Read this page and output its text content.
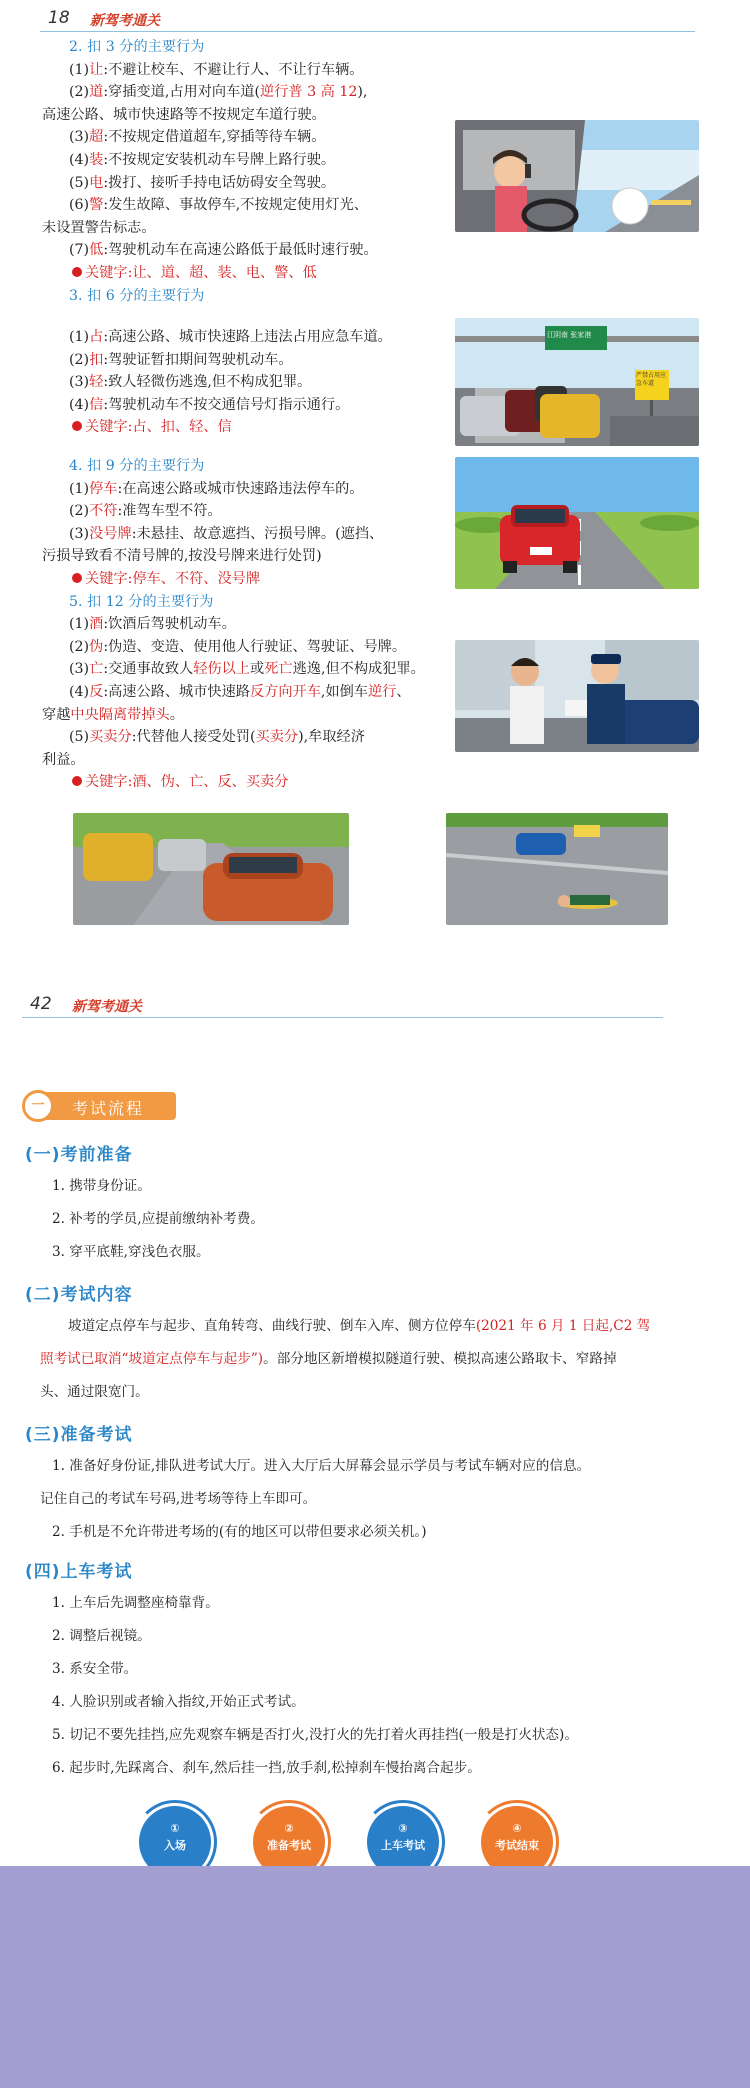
18 新驾考通关
2. 扣 3 分的主要行为
(1)让:不避让校车、不避让行人、不让行车辆。
(2)道:穿插变道,占用对向车道(逆行普 3 高 12),
高速公路、城市快速路等不按规定车道行驶。
(3)超:不按规定借道超车,穿插等待车辆。
(4)装:不按规定安装机动车号牌上路行驶。
(5)电:拨打、接听手持电话妨碍安全驾驶。
(6)警:发生故障、事故停车,不按规定使用灯光、
未设置警告标志。
(7)低:驾驶机动车在高速公路低于最低时速行驶。
关键字:让、道、超、装、电、警、低
3. 扣 6 分的主要行为
(1)占:高速公路、城市快速路上违法占用应急车道。
(2)扣:驾驶证暂扣期间驾驶机动车。
(3)轻:致人轻微伤逃逸,但不构成犯罪。
(4)信:驾驶机动车不按交通信号灯指示通行。
关键字:占、扣、轻、信
4. 扣 9 分的主要行为
(1)停车:在高速公路或城市快速路违法停车的。
(2)不符:准驾车型不符。
(3)没号牌:未悬挂、故意遮挡、污损号牌。(遮挡、
污损导致看不清号牌的,按没号牌来进行处罚)
关键字:停车、不符、没号牌
5. 扣 12 分的主要行为
(1)酒:饮酒后驾驶机动车。
(2)伪:伪造、变造、使用他人行驶证、驾驶证、号牌。
(3)亡:交通事故致人轻伤以上或死亡逃逸,但不构成犯罪。
(4)反:高速公路、城市快速路反方向开车,如倒车逆行、
穿越中央隔离带掉头。
(5)买卖分:代替他人接受处罚(买卖分),牟取经济
利益。
关键字:酒、伪、亡、反、买卖分
江阴南 张家港
严禁占用应急车道
42 新驾考通关
一	考试流程
(一)考前准备
1. 携带身份证。
2. 补考的学员,应提前缴纳补考费。
3. 穿平底鞋,穿浅色衣服。
(二)考试内容
坡道定点停车与起步、直角转弯、曲线行驶、倒车入库、侧方位停车(2021 年 6 月 1 日起,C2 驾
照考试已取消“坡道定点停车与起步”)。部分地区新增模拟隧道行驶、模拟高速公路取卡、窄路掉
头、通过限宽门。
(三)准备考试
1. 准备好身份证,排队进考试大厅。进入大厅后大屏幕会显示学员与考试车辆对应的信息。
记住自己的考试车号码,进考场等待上车即可。
2. 手机是不允许带进考场的(有的地区可以带但要求必须关机。)
(四)上车考试
1. 上车后先调整座椅靠背。
2. 调整后视镜。
3. 系安全带。
4. 人脸识别或者输入指纹,开始正式考试。
5. 切记不要先挂挡,应先观察车辆是否打火,没打火的先打着火再挂挡(一般是打火状态)。
6. 起步时,先踩离合、刹车,然后挂一挡,放手刹,松掉刹车慢抬离合起步。
①
入场
②
准备考试
③
上车考试
④
考试结束
